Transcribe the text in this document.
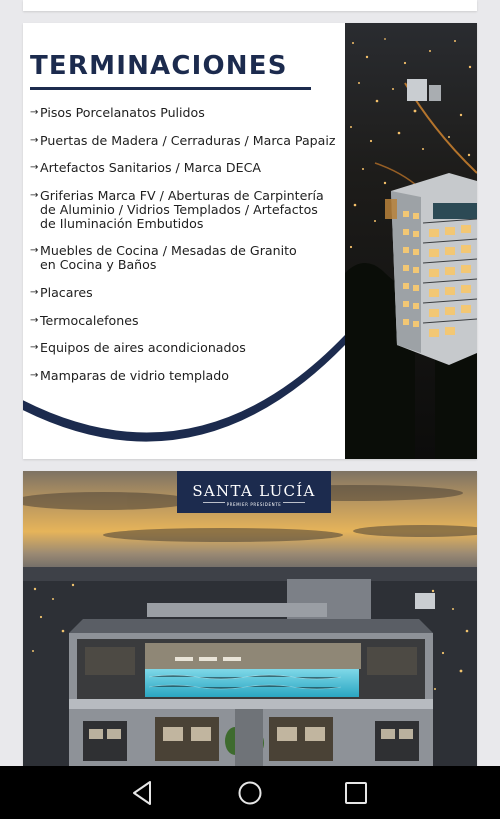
TERMINACIONES
→ Pisos Porcelanatos Pulidos
→ Puertas de Madera / Cerraduras / Marca Papaiz
→ Artefactos Sanitarios / Marca DECA
→ Griferias Marca FV / Aberturas de Carpintería
de Aluminio / Vidrios Templados / Artefactos
de Iluminación Embutidos
→ Muebles de Cocina / Mesadas de Granito
en Cocina y Baños
→ Placares
→ Termocalefones
→ Equipos de aires acondicionados
→ Mamparas de vidrio templado
SANTA LUCÍA
PREMIER PRESIDENTE
